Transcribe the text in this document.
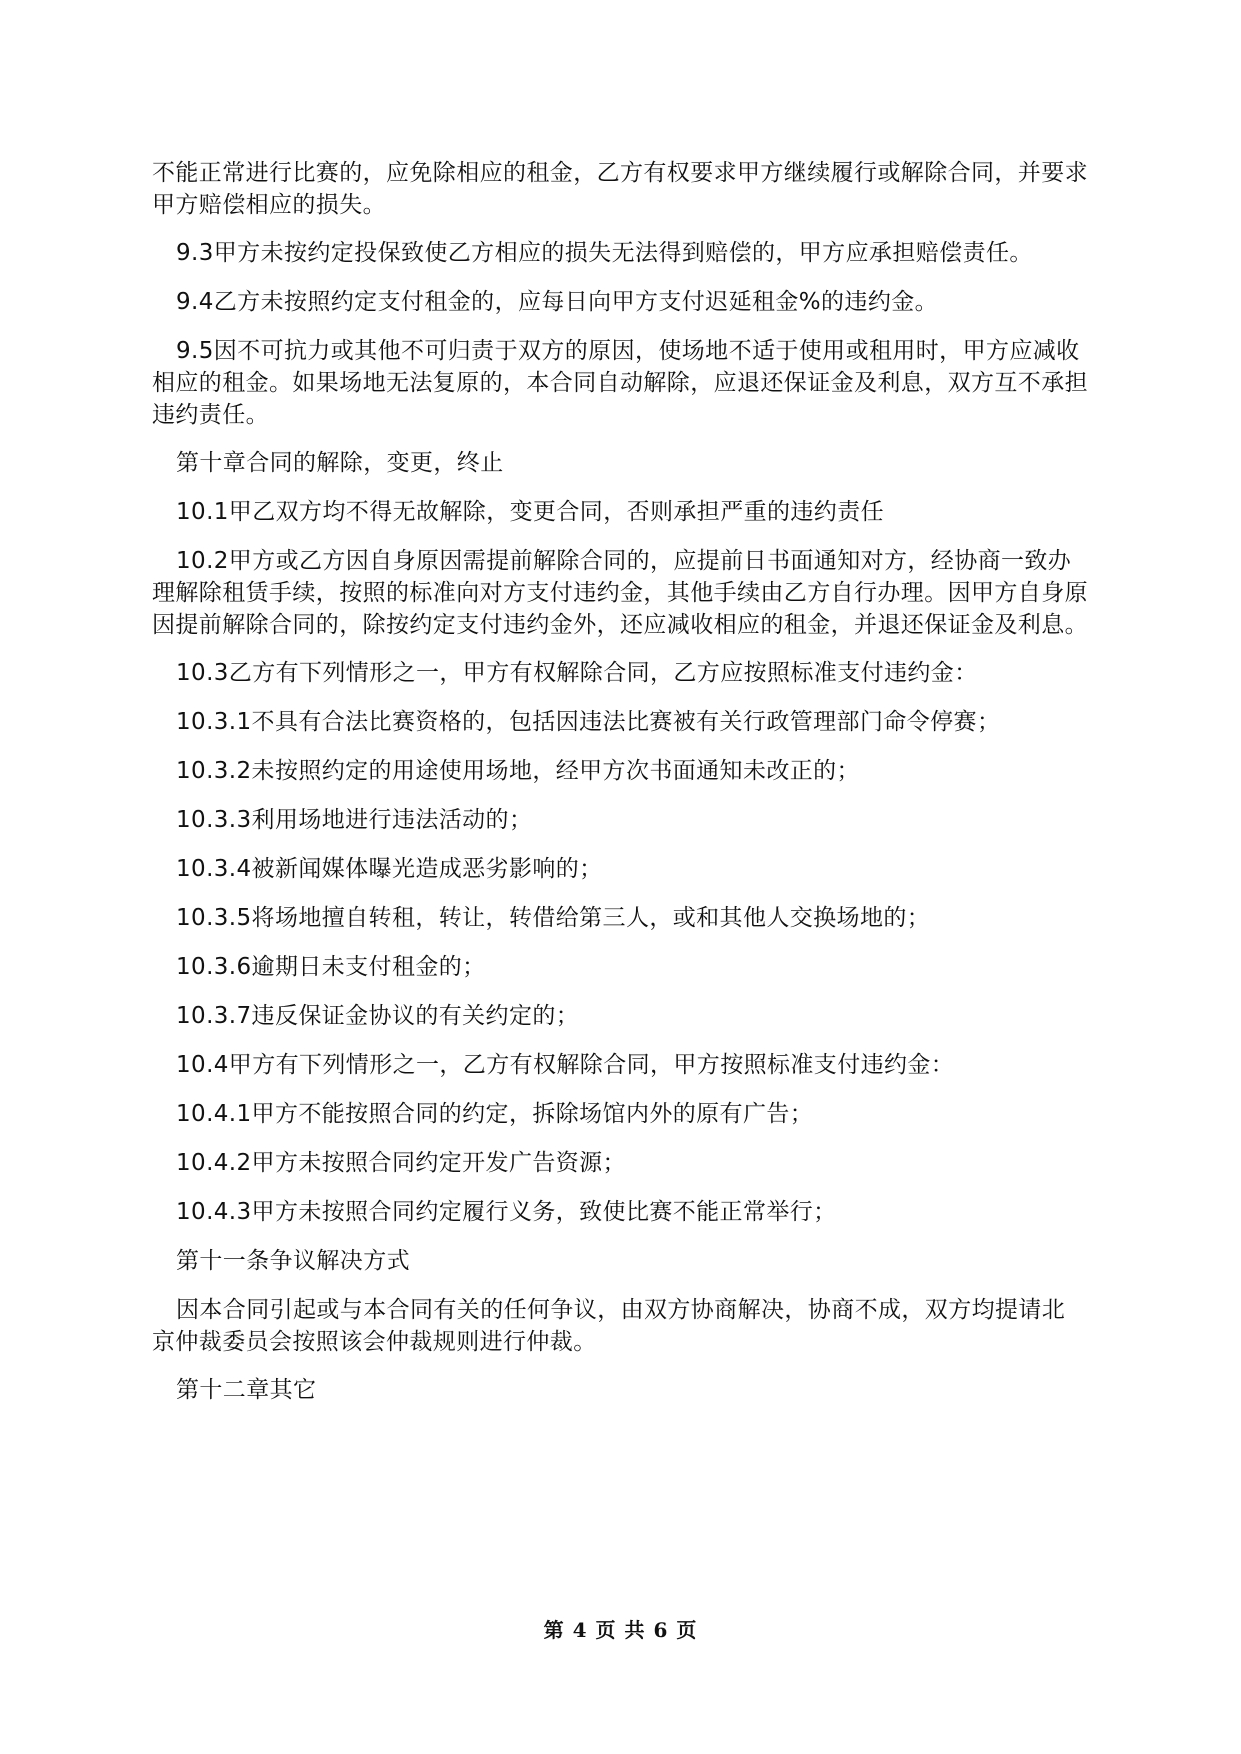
不能正常进行比赛的，应免除相应的租金，乙方有权要求甲方继续履行或解除合同，并要求甲方赔偿相应的损失。

9.3甲方未按约定投保致使乙方相应的损失无法得到赔偿的，甲方应承担赔偿责任。

9.4乙方未按照约定支付租金的，应每日向甲方支付迟延租金%的违约金。

9.5因不可抗力或其他不可归责于双方的原因，使场地不适于使用或租用时，甲方应减收相应的租金。如果场地无法复原的，本合同自动解除，应退还保证金及利息，双方互不承担违约责任。

第十章合同的解除，变更，终止

10.1甲乙双方均不得无故解除，变更合同，否则承担严重的违约责任

10.2甲方或乙方因自身原因需提前解除合同的，应提前日书面通知对方，经协商一致办理解除租赁手续，按照的标准向对方支付违约金，其他手续由乙方自行办理。因甲方自身原因提前解除合同的，除按约定支付违约金外，还应减收相应的租金，并退还保证金及利息。

10.3乙方有下列情形之一，甲方有权解除合同，乙方应按照标准支付违约金：

10.3.1不具有合法比赛资格的，包括因违法比赛被有关行政管理部门命令停赛；

10.3.2未按照约定的用途使用场地，经甲方次书面通知未改正的；

10.3.3利用场地进行违法活动的；

10.3.4被新闻媒体曝光造成恶劣影响的；

10.3.5将场地擅自转租，转让，转借给第三人，或和其他人交换场地的；

10.3.6逾期日未支付租金的；

10.3.7违反保证金协议的有关约定的；

10.4甲方有下列情形之一，乙方有权解除合同，甲方按照标准支付违约金：

10.4.1甲方不能按照合同的约定，拆除场馆内外的原有广告；

10.4.2甲方未按照合同约定开发广告资源；

10.4.3甲方未按照合同约定履行义务，致使比赛不能正常举行；

第十一条争议解决方式

因本合同引起或与本合同有关的任何争议，由双方协商解决，协商不成，双方均提请北京仲裁委员会按照该会仲裁规则进行仲裁。

第十二章其它

第 4 页 共 6 页
